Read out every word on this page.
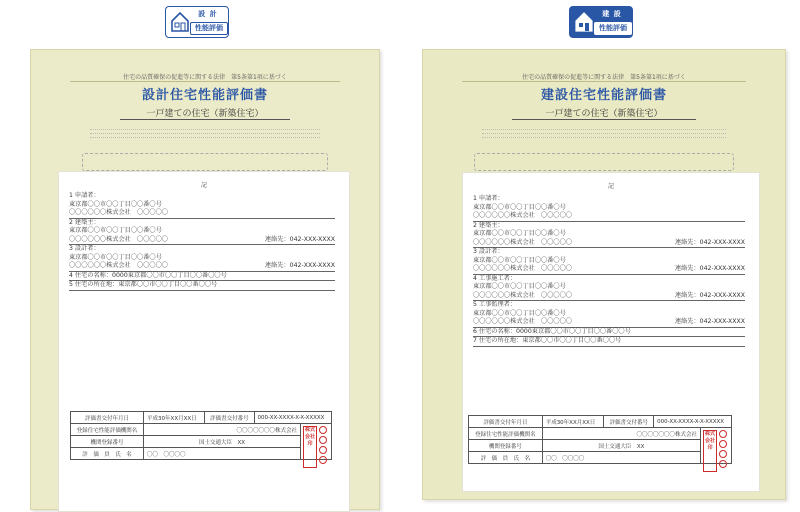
設 計
性能評価
建 設
性能評価
住宅の品質確保の促進等に関する法律　第5条第1項に基づく
設計住宅性能評価書
一戸建ての住宅（新築住宅）
記
1 申請者：
東京都〇〇市〇〇丁目〇〇番〇号
〇〇〇〇〇〇株式会社　〇〇〇〇〇
2 建築主：
東京都〇〇市〇〇丁目〇〇番〇号
〇〇〇〇〇〇株式会社　〇〇〇〇〇	連絡先：042-XXX-XXXX
3 設計者：
東京都〇〇市〇〇丁目〇〇番〇号
〇〇〇〇〇〇株式会社　〇〇〇〇〇	連絡先：042-XXX-XXXX
4 住宅の名称：0000東京都〇〇市〇〇丁目〇〇番〇〇号
5 住宅の所在地：東京都〇〇市〇〇丁目〇〇番〇〇号
評価書交付年月日	平成30年XX月XX日	評価書交付番号	000-XX-XXXX-X-X-XXXXX	
登録住宅性能評価機関名	〇〇〇〇〇〇〇株式会社			株式会社印

機関登録番号	国土交通大臣　XX			
評　価　員　氏　名	〇〇　〇〇〇〇			
住宅の品質確保の促進等に関する法律　第5条第1項に基づく
建設住宅性能評価書
一戸建ての住宅（新築住宅）
記
1 申請者：
東京都〇〇市〇〇丁目〇〇番〇号
〇〇〇〇〇〇株式会社　〇〇〇〇〇
2 建築主：
東京都〇〇市〇〇丁目〇〇番〇号
〇〇〇〇〇〇株式会社　〇〇〇〇〇	連絡先：042-XXX-XXXX
3 設計者：
東京都〇〇市〇〇丁目〇〇番〇号
〇〇〇〇〇〇株式会社　〇〇〇〇〇	連絡先：042-XXX-XXXX
4 工事施工者：
東京都〇〇市〇〇丁目〇〇番〇号
〇〇〇〇〇〇株式会社　〇〇〇〇〇	連絡先：042-XXX-XXXX
5 工事監理者：
東京都〇〇市〇〇丁目〇〇番〇号
〇〇〇〇〇〇株式会社　〇〇〇〇〇	連絡先：042-XXX-XXXX
6 住宅の名称：0000東京都〇〇市〇〇丁目〇〇番〇〇号
7 住宅の所在地：東京都〇〇市〇〇丁目〇〇番〇〇号
評価書交付年月日	平成30年XX月XX日	評価書交付番号	000-XX-XXXX-X-X-XXXXX	
登録住宅性能評価機関名	〇〇〇〇〇〇〇株式会社			株式会社印

機関登録番号	国土交通大臣　XX			
評　価　員　氏　名	〇〇　〇〇〇〇			
